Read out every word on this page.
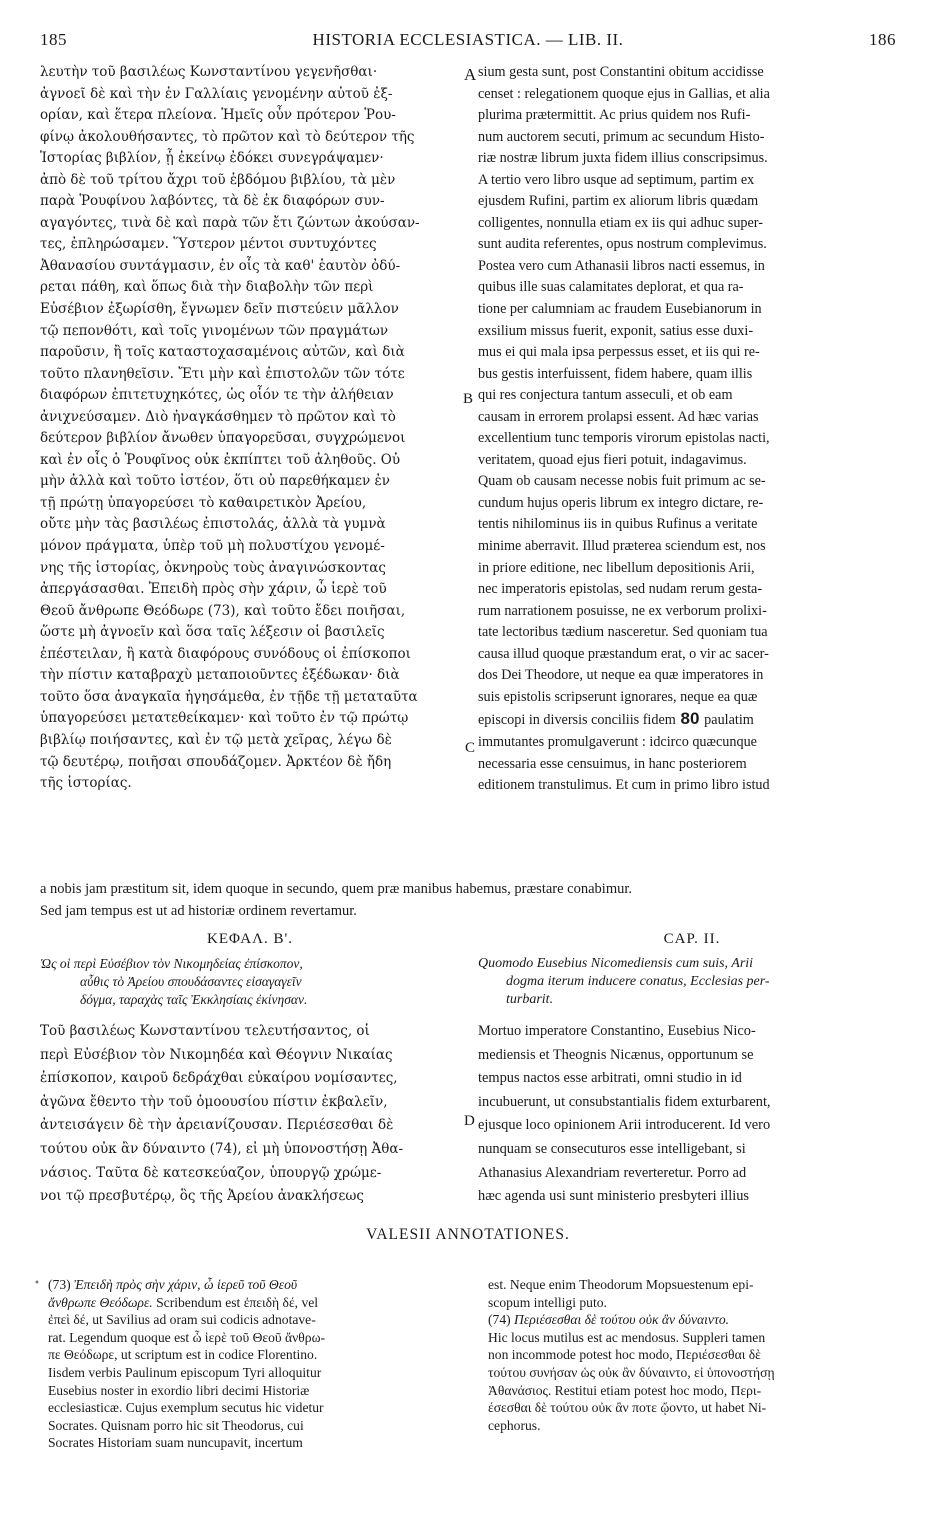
185	HISTORIA ECCLESIASTICA. — LIB. II.	186
λευτὴν τοῦ βασιλέως Κωνσταντίνου γεγενῆσθαι·
ἀγνοεῖ δὲ καὶ τὴν ἐν Γαλλίαις γενομένην αὐτοῦ ἐξ-
ορίαν, καὶ ἕτερα πλείονα. Ἡμεῖς οὖν πρότερον Ῥου-
φίνῳ ἀκολουθήσαντες, τὸ πρῶτον καὶ τὸ δεύτερον τῆς
Ἱστορίας βιβλίον, ᾗ ἐκείνῳ ἐδόκει συνεγράψαμεν·
ἀπὸ δὲ τοῦ τρίτου ἄχρι τοῦ ἑβδόμου βιβλίου, τὰ μὲν
παρὰ Ῥουφίνου λαβόντες, τὰ δὲ ἐκ διαφόρων συν-
αγαγόντες, τινὰ δὲ καὶ παρὰ τῶν ἔτι ζώντων ἀκούσαν-
τες, ἐπληρώσαμεν. Ὕστερον μέντοι συντυχόντες
Ἀθανασίου συντάγμασιν, ἐν οἷς τὰ καθ' ἑαυτὸν ὀδύ-
ρεται πάθη, καὶ ὅπως διὰ τὴν διαβολὴν τῶν περὶ
Εὐσέβιον ἐξωρίσθη, ἔγνωμεν δεῖν πιστεύειν μᾶλλον
τῷ πεπονθότι, καὶ τοῖς γινομένων τῶν πραγμάτων
παροῦσιν, ἢ τοῖς καταστοχασαμένοις αὐτῶν, καὶ διὰ
τοῦτο πλανηθεῖσιν. Ἔτι μὴν καὶ ἐπιστολῶν τῶν τότε
διαφόρων ἐπιτετυχηκότες, ὡς οἷόν τε τὴν ἀλήθειαν
ἀνιχνεύσαμεν. Διὸ ἠναγκάσθημεν τὸ πρῶτον καὶ τὸ
δεύτερον βιβλίον ἄνωθεν ὑπαγορεῦσαι, συγχρώμενοι
καὶ ἐν οἷς ὁ Ῥουφῖνος οὐκ ἐκπίπτει τοῦ ἀληθοῦς. Οὐ
μὴν ἀλλὰ καὶ τοῦτο ἰστέον, ὅτι οὐ παρεθήκαμεν ἐν
τῇ πρώτῃ ὑπαγορεύσει τὸ καθαιρετικὸν Ἀρείου,
οὔτε μὴν τὰς βασιλέως ἐπιστολάς, ἀλλὰ τὰ γυμνὰ
μόνον πράγματα, ὑπὲρ τοῦ μὴ πολυστίχου γενομέ-
νης τῆς ἱστορίας, ὀκνηροὺς τοὺς ἀναγινώσκοντας
ἀπεργάσασθαι. Ἐπειδὴ πρὸς σὴν χάριν, ὦ ἱερὲ τοῦ
Θεοῦ ἄνθρωπε Θεόδωρε (73), καὶ τοῦτο ἔδει ποιῆσαι,
ὥστε μὴ ἀγνοεῖν καὶ ὅσα ταῖς λέξεσιν οἱ βασιλεῖς
ἐπέστειλαν, ἢ κατὰ διαφόρους συνόδους οἱ ἐπίσκοποι
τὴν πίστιν καταβραχὺ μεταποιοῦντες ἐξέδωκαν· διὰ
τοῦτο ὅσα ἀναγκαῖα ἡγησάμεθα, ἐν τῇδε τῇ μεταταῦτα
ὑπαγορεύσει μετατεθείκαμεν· καὶ τοῦτο ἐν τῷ πρώτῳ
βιβλίῳ ποιήσαντες, καὶ ἐν τῷ μετὰ χεῖρας, λέγω δὲ
τῷ δευτέρῳ, ποιῆσαι σπουδάζομεν. Ἀρκτέον δὲ ἤδη
τῆς ἱστορίας.
sium gesta sunt, post Constantini obitum accidisse
censet : relegationem quoque ejus in Gallias, et alia
plurima prætermittit. Ac prius quidem nos Rufi-
num auctorem secuti, primum ac secundum Histo-
riæ nostræ librum juxta fidem illius conscripsimus.
A tertio vero libro usque ad septimum, partim ex
ejusdem Rufini, partim ex aliorum libris quædam
colligentes, nonnulla etiam ex iis qui adhuc super-
sunt audita referentes, opus nostrum complevimus.
Postea vero cum Athanasii libros nacti essemus, in
quibus ille suas calamitates deplorat, et qua ra-
tione per calumniam ac fraudem Eusebianorum in
exsilium missus fuerit, exponit, satius esse duxi-
mus ei qui mala ipsa perpessus esset, et iis qui re-
bus gestis interfuissent, fidem habere, quam illis
qui res conjectura tantum asseculi, et ob eam
causam in errorem prolapsi essent. Ad hæc varias
excellentium tunc temporis virorum epistolas nacti,
veritatem, quoad ejus fieri potuit, indagavimus.
Quam ob causam necesse nobis fuit primum ac se-
cundum hujus operis librum ex integro dictare, re-
tentis nihilominus iis in quibus Rufinus a veritate
minime aberravit. Illud præterea sciendum est, nos
in priore editione, nec libellum depositionis Arii,
nec imperatoris epistolas, sed nudam rerum gesta-
rum narrationem posuisse, ne ex verborum prolixi-
tate lectoribus tædium nasceretur. Sed quoniam tua
causa illud quoque præstandum erat, o vir ac sacer-
dos Dei Theodore, ut neque ea quæ imperatores in
suis epistolis scripserunt ignorares, neque ea quæ
episcopi in diversis conciliis fidem 80 paulatim
immutantes promulgaverunt : idcirco quæcunque
necessaria esse censuimus, in hanc posteriorem
editionem transtulimus. Et cum in primo libro istud
A
B
C
D
a nobis jam præstitum sit, idem quoque in secundo, quem præ manibus habemus, præstare conabimur.
Sed jam tempus est ut ad historiæ ordinem revertamur.
ΚΕΦΑΛ. Β'.	CAP. II.
Ὡς οἱ περὶ Εὐσέβιον τὸν Νικομηδείας ἐπίσκοπον,
αὖθις τὸ Ἀρείου σπουδάσαντες εἰσαγαγεῖν
δόγμα, ταραχὰς ταῖς Ἐκκλησίαις ἐκίνησαν.
Quomodo Eusebius Nicomediensis cum suis, Arii
dogma iterum inducere conatus, Ecclesias per-
turbarit.
Τοῦ βασιλέως Κωνσταντίνου τελευτήσαντος, οἱ
περὶ Εὐσέβιον τὸν Νικομηδέα καὶ Θέογνιν Νικαίας
ἐπίσκοπον, καιροῦ δεδράχθαι εὐκαίρου νομίσαντες,
ἀγῶνα ἔθεντο τὴν τοῦ ὁμοουσίου πίστιν ἐκβαλεῖν,
ἀντεισάγειν δὲ τὴν ἀρειανίζουσαν. Περιέσεσθαι δὲ
τούτου οὐκ ἂν δύναιντο (74), εἰ μὴ ὑπονοστήσῃ Ἀθα-
νάσιος. Ταῦτα δὲ κατεσκεύαζον, ὑπουργῷ χρώμε-
νοι τῷ πρεσβυτέρῳ, ὃς τῆς Ἀρείου ἀνακλήσεως
Mortuo imperatore Constantino, Eusebius Nico-
mediensis et Theognis Nicænus, opportunum se
tempus nactos esse arbitrati, omni studio in id
incubuerunt, ut consubstantialis fidem exturbarent,
ejusque loco opinionem Arii introducerent. Id vero
nunquam se consecuturos esse intelligebant, si
Athanasius Alexandriam reverteretur. Porro ad
hæc agenda usi sunt ministerio presbyteri illius
VALESII ANNOTATIONES.
• (73) Ἐπειδὴ πρὸς σὴν χάριν, ὦ ἱερεῦ τοῦ Θεοῦ
ἄνθρωπε Θεόδωρε. Scribendum est ἐπειδὴ δέ, vel
ἐπεὶ δέ, ut Savilius ad oram sui codicis adnotave-
rat. Legendum quoque est ὦ ἱερὲ τοῦ Θεοῦ ἄνθρω-
πε Θεόδωρε, ut scriptum est in codice Florentino.
Iisdem verbis Paulinum episcopum Tyri alloquitur
Eusebius noster in exordio libri decimi Historiæ
ecclesiasticæ. Cujus exemplum secutus hic videtur
Socrates. Quisnam porro hic sit Theodorus, cui
Socrates Historiam suam nuncupavit, incertum
est. Neque enim Theodorum Mopsuestenum epi-
scopum intelligi puto.
(74) Περιέσεσθαι δὲ τούτου οὐκ ἂν δύναιντο.
Hic locus mutilus est ac mendosus. Suppleri tamen
non incommode potest hoc modo, Περιέσεσθαι δὲ
τούτου συνήσαν ὡς οὐκ ἂν δύναιντο, εἰ ὑπονοστήσῃ
Ἀθανάσιος. Restitui etiam potest hoc modo, Περι-
έσεσθαι δὲ τούτου οὐκ ἂν ποτε ᾤοντο, ut habet Ni-
cephorus.
